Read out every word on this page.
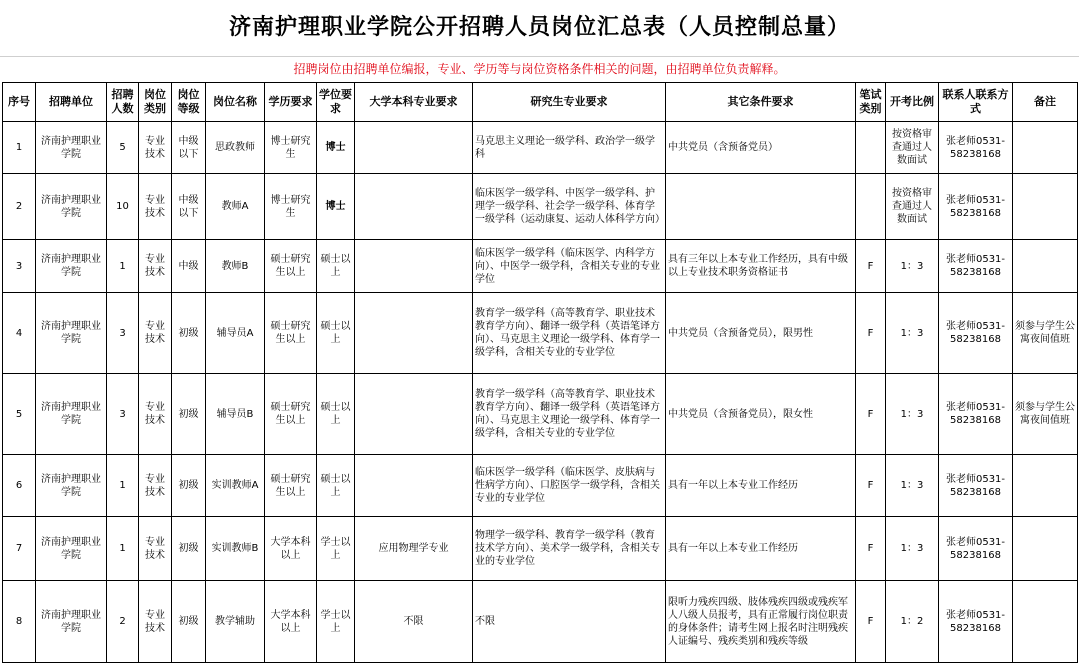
济南护理职业学院公开招聘人员岗位汇总表（人员控制总量）
招聘岗位由招聘单位编报，专业、学历等与岗位资格条件相关的问题，由招聘单位负责解释。
序号	招聘单位	招聘人数	岗位类别	岗位等级	岗位名称	学历要求	学位要求	大学本科专业要求	研究生专业要求	其它条件要求	笔试类别	开考比例	联系人联系方式	备注
1	济南护理职业学院	5	专业技术	中级以下	思政教师	博士研究生	博士		马克思主义理论一级学科、政治学一级学科	中共党员（含预备党员）		按资格审查通过人数面试	张老师0531-58238168	
2	济南护理职业学院	10	专业技术	中级以下	教师A	博士研究生	博士		临床医学一级学科、中医学一级学科、护理学一级学科、社会学一级学科、体育学一级学科（运动康复、运动人体科学方向）			按资格审查通过人数面试	张老师0531-58238168	
3	济南护理职业学院	1	专业技术	中级	教师B	硕士研究生以上	硕士以上		临床医学一级学科（临床医学、内科学方向）、中医学一级学科，含相关专业的专业学位	具有三年以上本专业工作经历，具有中级以上专业技术职务资格证书	F	1：3	张老师0531-58238168	
4	济南护理职业学院	3	专业技术	初级	辅导员A	硕士研究生以上	硕士以上		教育学一级学科（高等教育学、职业技术教育学方向）、翻译一级学科（英语笔译方向）、马克思主义理论一级学科、体育学一级学科，含相关专业的专业学位	中共党员（含预备党员），限男性	F	1：3	张老师0531-58238168	须参与学生公寓夜间值班
5	济南护理职业学院	3	专业技术	初级	辅导员B	硕士研究生以上	硕士以上		教育学一级学科（高等教育学、职业技术教育学方向）、翻译一级学科（英语笔译方向）、马克思主义理论一级学科、体育学一级学科，含相关专业的专业学位	中共党员（含预备党员），限女性	F	1：3	张老师0531-58238168	须参与学生公寓夜间值班
6	济南护理职业学院	1	专业技术	初级	实训教师A	硕士研究生以上	硕士以上		临床医学一级学科（临床医学、皮肤病与性病学方向）、口腔医学一级学科，含相关专业的专业学位	具有一年以上本专业工作经历	F	1：3	张老师0531-58238168	
7	济南护理职业学院	1	专业技术	初级	实训教师B	大学本科以上	学士以上	应用物理学专业	物理学一级学科、教育学一级学科（教育技术学方向）、美术学一级学科，含相关专业的专业学位	具有一年以上本专业工作经历	F	1：3	张老师0531-58238168	
8	济南护理职业学院	2	专业技术	初级	教学辅助	大学本科以上	学士以上	不限	不限	限听力残疾四级、肢体残疾四级或残疾军人八级人员报考，具有正常履行岗位职责的身体条件；请考生网上报名时注明残疾人证编号、残疾类别和残疾等级	F	1：2	张老师0531-58238168	
